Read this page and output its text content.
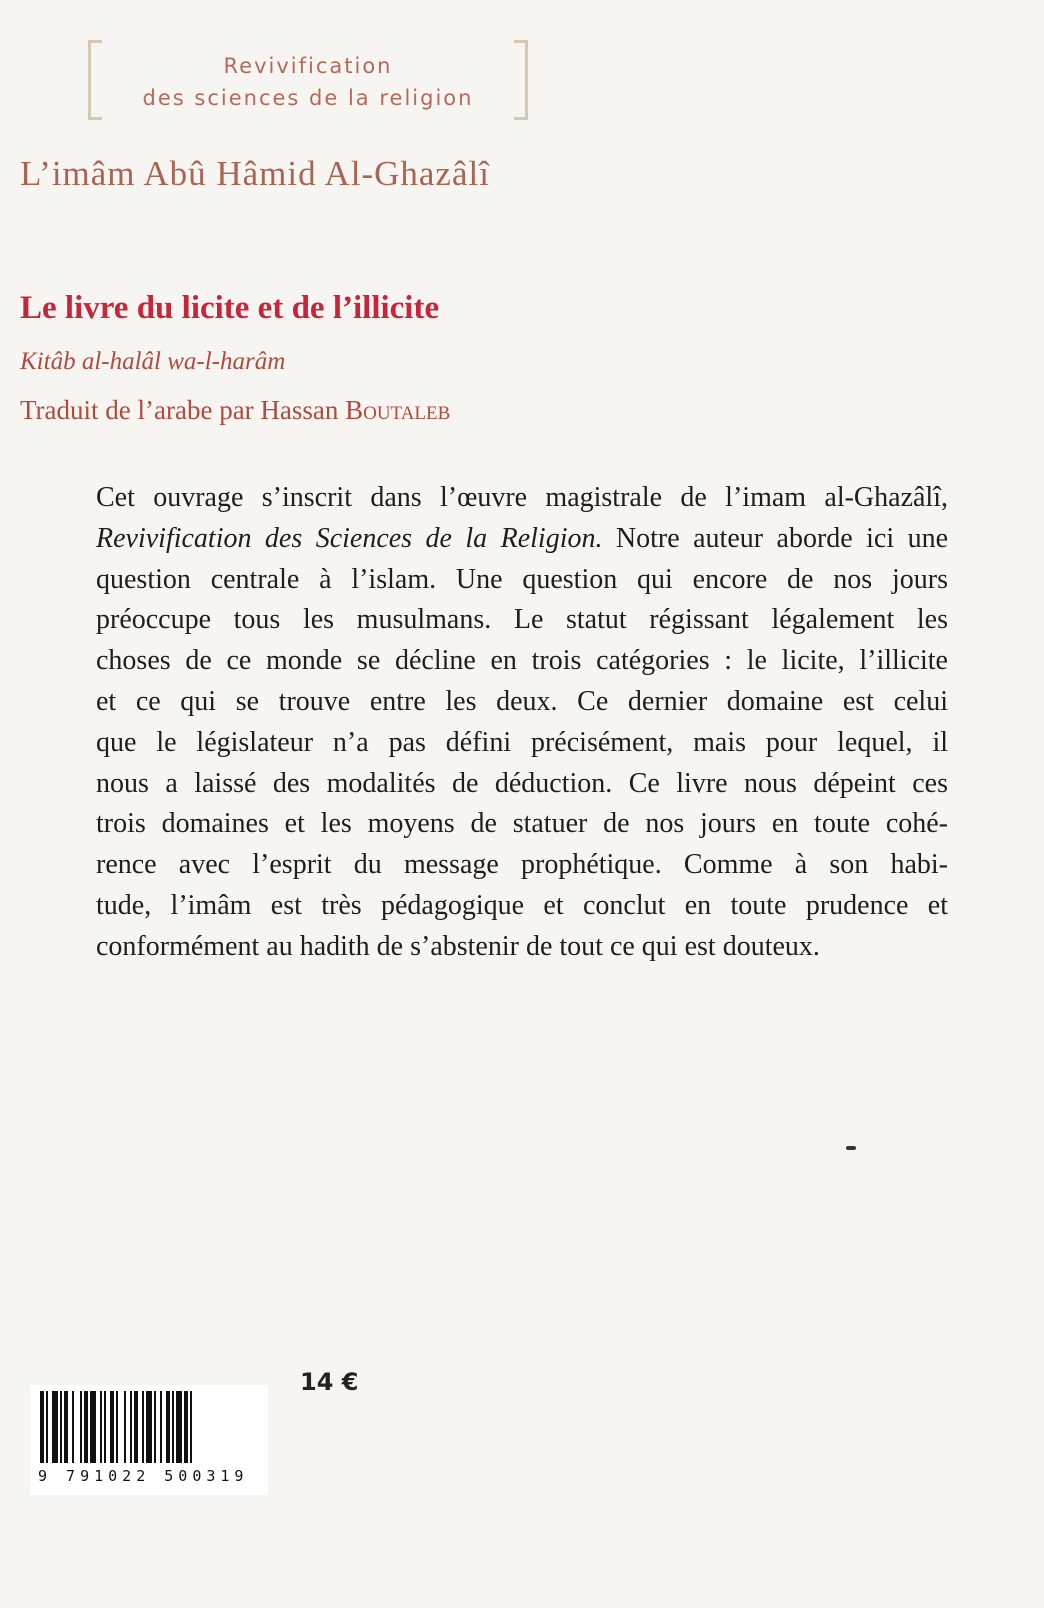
Revivification
des sciences de la religion
L’imâm Abû Hâmid Al-Ghazâlî
Le livre du licite et de l’illicite
Kitâb al-halâl wa-l-harâm
Traduit de l’arabe par Hassan Boutaleb
Cet ouvrage s’inscrit dans l’œuvre magistrale de l’imam al-Ghazâlî,
Revivification des Sciences de la Religion. Notre auteur aborde ici une
question centrale à l’islam. Une question qui encore de nos jours
préoccupe tous les musulmans. Le statut régissant légalement les
choses de ce monde se décline en trois catégories : le licite, l’illicite
et ce qui se trouve entre les deux. Ce dernier domaine est celui
que le législateur n’a pas défini précisément, mais pour lequel, il
nous a laissé des modalités de déduction. Ce livre nous dépeint ces
trois domaines et les moyens de statuer de nos jours en toute cohé-
rence avec l’esprit du message prophétique. Comme à son habi-
tude, l’imâm est très pédagogique et conclut en toute prudence et
conformément au hadith de s’abstenir de tout ce qui est douteux.
9 791022 500319
14 €
